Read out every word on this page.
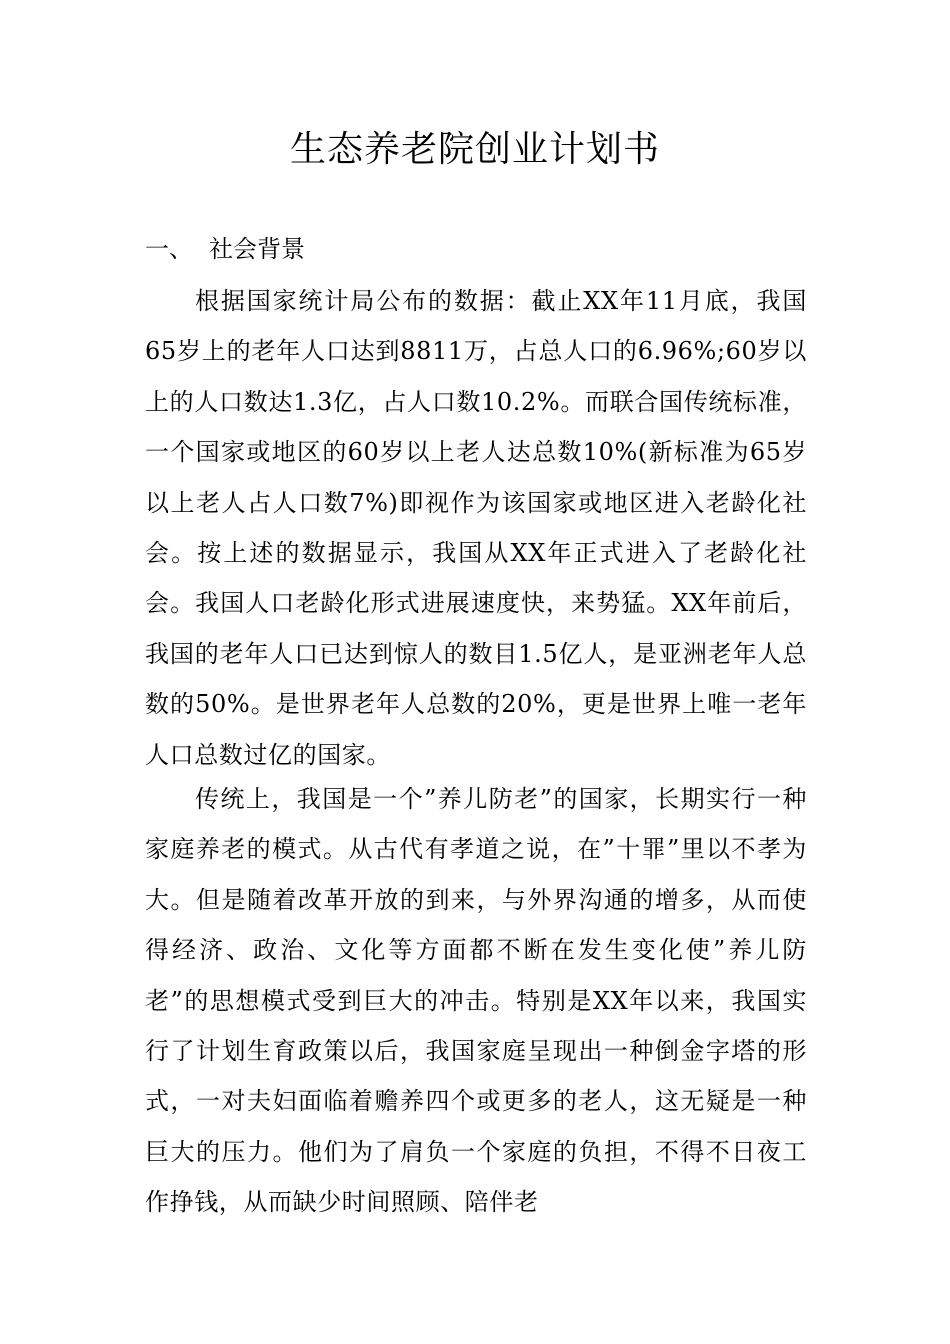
生态养老院创业计划书
一、 社会背景

根据国家统计局公布的数据：截止XX年11月底，我国65岁上的老年人口达到8811万，占总人口的6.96%;60岁以上的人口数达1.3亿，占人口数10.2%。而联合国传统标准，一个国家或地区的60岁以上老人达总数10%(新标准为65岁以上老人占人口数7%)即视作为该国家或地区进入老龄化社会。按上述的数据显示，我国从XX年正式进入了老龄化社会。我国人口老龄化形式进展速度快，来势猛。XX年前后，我国的老年人口已达到惊人的数目1.5亿人，是亚洲老年人总数的50%。是世界老年人总数的20%，更是世界上唯一老年人口总数过亿的国家。

传统上，我国是一个”养儿防老”的国家，长期实行一种家庭养老的模式。从古代有孝道之说，在”十罪”里以不孝为大。但是随着改革开放的到来，与外界沟通的增多，从而使得经济、政治、文化等方面都不断在发生变化使”养儿防老”的思想模式受到巨大的冲击。特别是XX年以来，我国实行了计划生育政策以后，我国家庭呈现出一种倒金字塔的形式，一对夫妇面临着赡养四个或更多的老人，这无疑是一种巨大的压力。他们为了肩负一个家庭的负担，不得不日夜工作挣钱，从而缺少时间照顾、陪伴老
